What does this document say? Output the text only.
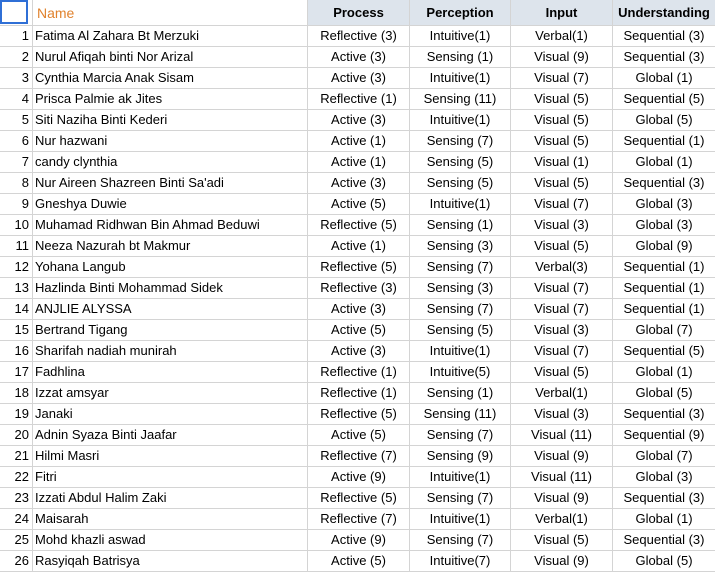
Name	Process	Perception	Input	Understanding
1 Fatima Al Zahara Bt Merzuki	Reflective (3)	Intuitive(1)	Verbal(1)	Sequential (3)
2 Nurul Afiqah binti Nor Arizal	Active (3)	Sensing (1)	Visual (9)	Sequential (3)
3 Cynthia Marcia Anak Sisam	Active (3)	Intuitive(1)	Visual (7)	Global (1)
4 Prisca Palmie ak Jites	Reflective (1)	Sensing (11)	Visual (5)	Sequential (5)
5 Siti Naziha Binti Kederi	Active (3)	Intuitive(1)	Visual (5)	Global (5)
6 Nur hazwani	Active (1)	Sensing (7)	Visual (5)	Sequential (1)
7 candy clynthia	Active (1)	Sensing (5)	Visual (1)	Global (1)
8 Nur Aireen Shazreen Binti Sa'adi	Active (3)	Sensing (5)	Visual (5)	Sequential (3)
9 Gneshya Duwie	Active (5)	Intuitive(1)	Visual (7)	Global (3)
10 Muhamad Ridhwan Bin Ahmad Beduwi	Reflective (5)	Sensing (1)	Visual (3)	Global (3)
11 Neeza Nazurah bt Makmur	Active (1)	Sensing (3)	Visual (5)	Global (9)
12 Yohana Langub	Reflective (5)	Sensing (7)	Verbal(3)	Sequential (1)
13 Hazlinda Binti Mohammad Sidek	Reflective (3)	Sensing (3)	Visual (7)	Sequential (1)
14 ANJLIE ALYSSA	Active (3)	Sensing (7)	Visual (7)	Sequential (1)
15 Bertrand Tigang	Active (5)	Sensing (5)	Visual (3)	Global (7)
16 Sharifah nadiah munirah	Active (3)	Intuitive(1)	Visual (7)	Sequential (5)
17 Fadhlina	Reflective (1)	Intuitive(5)	Visual (5)	Global (1)
18 Izzat amsyar	Reflective (1)	Sensing (1)	Verbal(1)	Global (5)
19 Janaki	Reflective (5)	Sensing (11)	Visual (3)	Sequential (3)
20 Adnin Syaza Binti Jaafar	Active (5)	Sensing (7)	Visual (11)	Sequential (9)
21 Hilmi Masri	Reflective (7)	Sensing (9)	Visual (9)	Global (7)
22 Fitri	Active (9)	Intuitive(1)	Visual (11)	Global (3)
23 Izzati Abdul Halim Zaki	Reflective (5)	Sensing (7)	Visual (9)	Sequential (3)
24 Maisarah	Reflective (7)	Intuitive(1)	Verbal(1)	Global (1)
25 Mohd khazli aswad	Active (9)	Sensing (7)	Visual (5)	Sequential (3)
26 Rasyiqah Batrisya	Active (5)	Intuitive(7)	Visual (9)	Global (5)
